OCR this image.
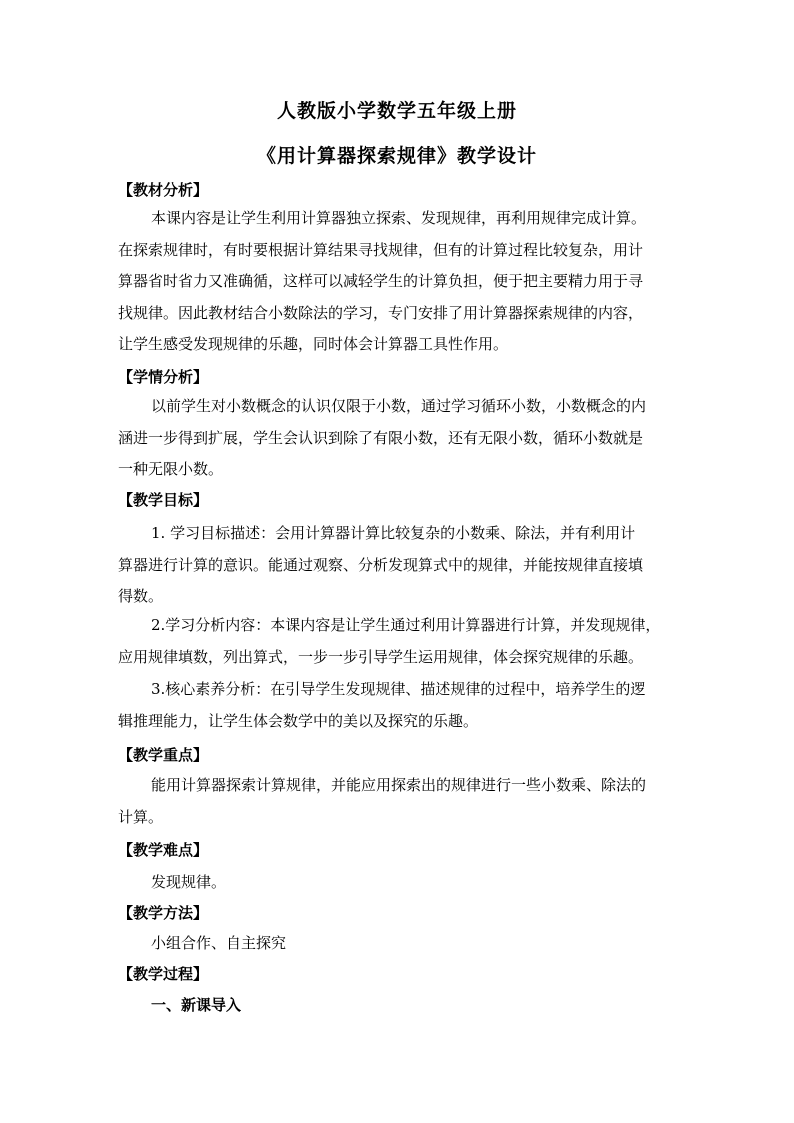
人教版小学数学五年级上册
《用计算器探索规律》教学设计
【教材分析】
本课内容是让学生利用计算器独立探索、发现规律，再利用规律完成计算。
在探索规律时，有时要根据计算结果寻找规律，但有的计算过程比较复杂，用计
算器省时省力又准确循，这样可以减轻学生的计算负担，便于把主要精力用于寻
找规律。因此教材结合小数除法的学习，专门安排了用计算器探索规律的内容，
让学生感受发现规律的乐趣，同时体会计算器工具性作用。
【学情分析】
以前学生对小数概念的认识仅限于小数，通过学习循环小数，小数概念的内
涵进一步得到扩展，学生会认识到除了有限小数，还有无限小数，循环小数就是
一种无限小数。
【教学目标】
1. 学习目标描述：会用计算器计算比较复杂的小数乘、除法，并有利用计
算器进行计算的意识。能通过观察、分析发现算式中的规律，并能按规律直接填
得数。
2.学习分析内容：本课内容是让学生通过利用计算器进行计算，并发现规律，
应用规律填数，列出算式，一步一步引导学生运用规律，体会探究规律的乐趣。
3.核心素养分析：在引导学生发现规律、描述规律的过程中，培养学生的逻
辑推理能力，让学生体会数学中的美以及探究的乐趣。
【教学重点】
能用计算器探索计算规律，并能应用探索出的规律进行一些小数乘、除法的
计算。
【教学难点】
发现规律。
【教学方法】
小组合作、自主探究
【教学过程】
一、新课导入
